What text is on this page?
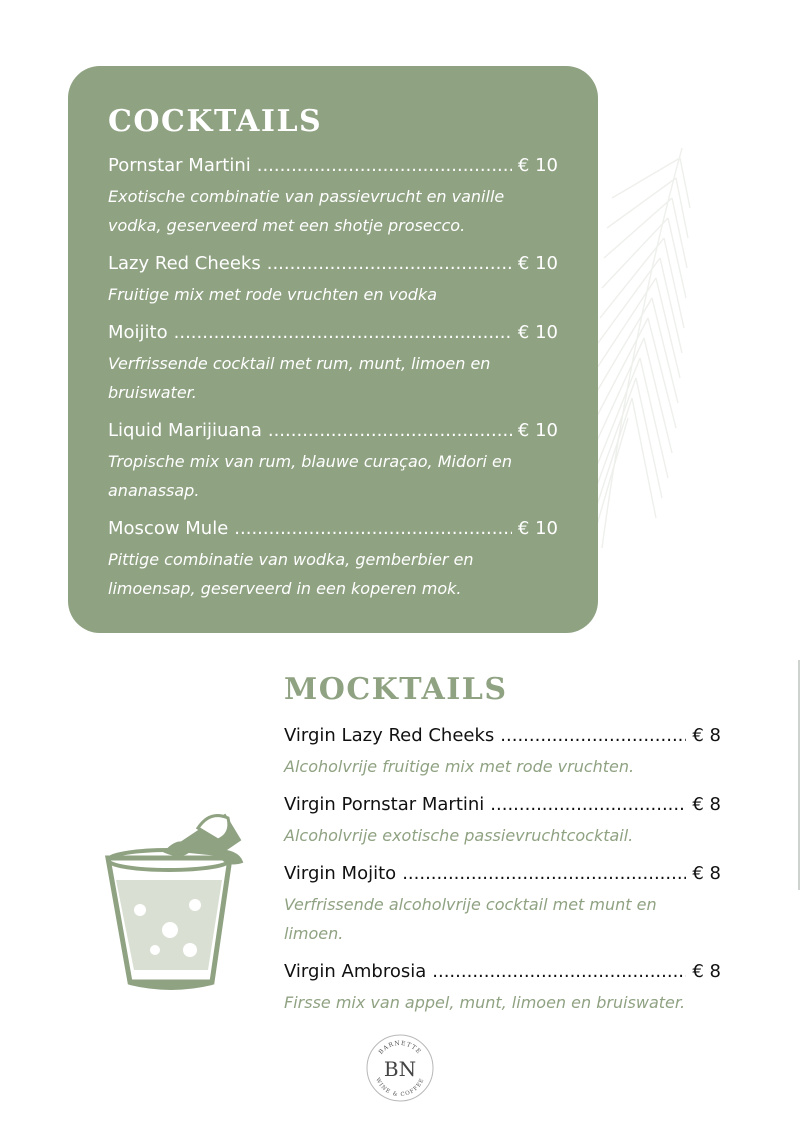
COCKTAILS
Pornstar Martini .....	€ 10

Exotische combinatie van passievrucht en vanille vodka, geserveerd met een shotje prosecco.

Lazy Red Cheeks .....	€ 10

Fruitige mix met rode vruchten en vodka

Moijito .....	€ 10

Verfrissende cocktail met rum, munt, limoen en bruiswater.

Liquid Marijiuana .....	€ 10

Tropische mix van rum, blauwe curaçao, Midori en ananassap.

Moscow Mule .....	€ 10

Pittige combinatie van wodka, gemberbier en limoensap, geserveerd in een koperen mok.

MOCKTAILS
Virgin Lazy Red Cheeks .....	€ 8

Alcoholvrije fruitige mix met rode vruchten.

Virgin Pornstar Martini .....	€ 8

Alcoholvrije exotische passievruchtcocktail.

Virgin Mojito .....	€ 8

Verfrissende alcoholvrije cocktail met munt en limoen.

Virgin Ambrosia .....	€ 8

Firsse mix van appel, munt, limoen en bruiswater.

BARNETTE
WINE & COFFEE
BN
